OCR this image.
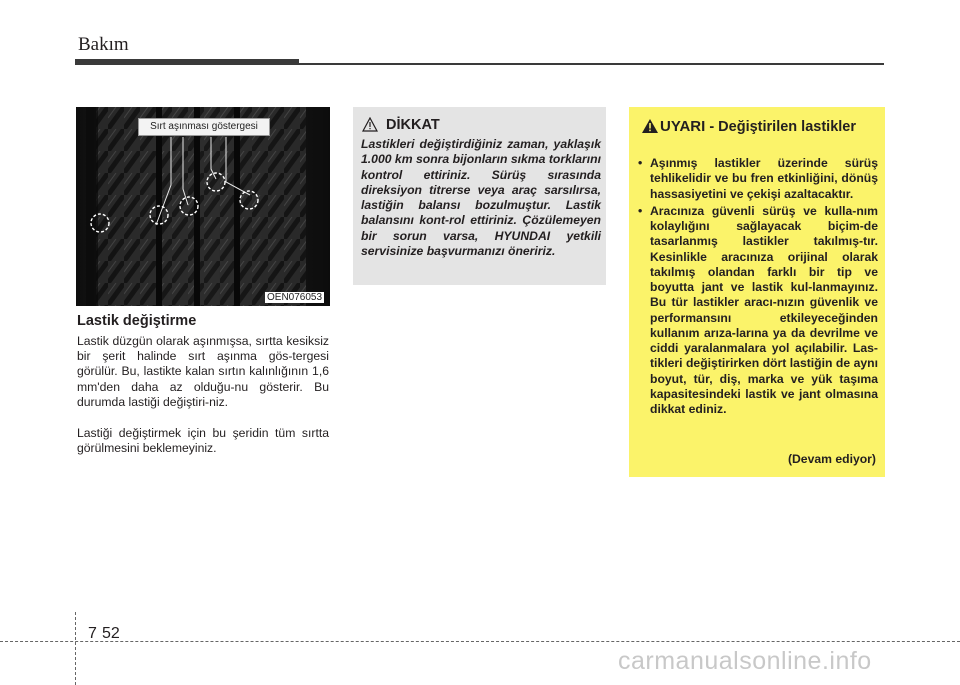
Bakım
Sırt aşınması göstergesi
OEN076053
Lastik değiştirme
Lastik düzgün olarak aşınmışsa, sırtta kesiksiz bir şerit halinde sırt aşınma gös-tergesi görülür. Bu, lastikte kalan sırtın kalınlığının 1,6 mm'den daha az olduğu-nu gösterir. Bu durumda lastiği değiştiri-niz.
Lastiği değiştirmek için bu şeridin tüm sırtta görülmesini beklemeyiniz.
DİKKAT
Lastikleri değiştirdiğiniz zaman, yaklaşık 1.000 km sonra bijonların sıkma torklarını kontrol ettiriniz. Sürüş sırasında direksiyon titrerse veya araç sarsılırsa, lastiğin balansı bozulmuştur. Lastik balansını kont-rol ettiriniz. Çözülemeyen bir sorun varsa, HYUNDAI yetkili servisinize başvurmanızı öneririz.
UYARI - Değiştirilen lastikler
• Aşınmış lastikler üzerinde sürüş tehlikelidir ve bu fren etkinliğini, dönüş hassasiyetini ve çekişi azaltacaktır.
• Aracınıza güvenli sürüş ve kulla-nım kolaylığını sağlayacak biçim-de tasarlanmış lastikler takılmış-tır. Kesinlikle aracınıza orijinal olarak takılmış olandan farklı bir tip ve boyutta jant ve lastik kul-lanmayınız. Bu tür lastikler aracı-nızın güvenlik ve performansını etkileyeceğinden kullanım arıza-larına ya da devrilme ve ciddi yaralanmalara yol açılabilir. Las-tikleri değiştirirken dört lastiğin de aynı boyut, tür, diş, marka ve yük taşıma kapasitesindeki lastik ve jant olmasına dikkat ediniz.
(Devam ediyor)
7 52
carmanualsonline.info
